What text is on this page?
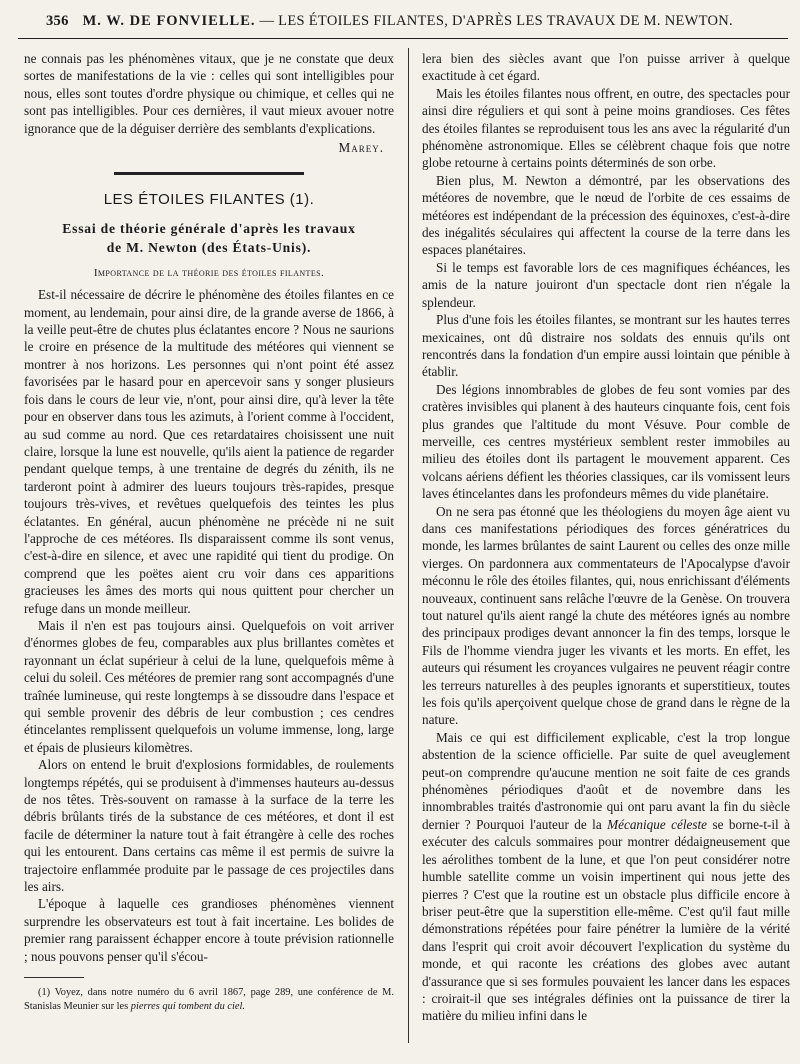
356 M. W. DE FONVIELLE. — LES ÉTOILES FILANTES, D'APRÈS LES TRAVAUX DE M. NEWTON.

ne connais pas les phénomènes vitaux, que je ne constate que deux sortes de manifestations de la vie : celles qui sont intelligibles pour nous, elles sont toutes d'ordre physique ou chimique, et celles qui ne sont pas intelligibles. Pour ces dernières, il vaut mieux avouer notre ignorance que de la déguiser derrière des semblants d'explications.

Marey.
LES ÉTOILES FILANTES (1).
Essai de théorie générale d'après les travaux
de M. Newton (des États-Unis).
Importance de la théorie des étoiles filantes.

Est-il nécessaire de décrire le phénomène des étoiles filantes en ce moment, au lendemain, pour ainsi dire, de la grande averse de 1866, à la veille peut-être de chutes plus éclatantes encore ? Nous ne saurions le croire en présence de la multitude des météores qui viennent se montrer à nos horizons. Les personnes qui n'ont point été assez favorisées par le hasard pour en apercevoir sans y songer plusieurs fois dans le cours de leur vie, n'ont, pour ainsi dire, qu'à lever la tête pour en observer dans tous les azimuts, à l'orient comme à l'occident, au sud comme au nord. Que ces retardataires choisissent une nuit claire, lorsque la lune est nouvelle, qu'ils aient la patience de regarder pendant quelque temps, à une trentaine de degrés du zénith, ils ne tarderont point à admirer des lueurs toujours très-rapides, presque toujours très-vives, et revêtues quelquefois des teintes les plus éclatantes. En général, aucun phénomène ne précède ni ne suit l'approche de ces météores. Ils disparaissent comme ils sont venus, c'est-à-dire en silence, et avec une rapidité qui tient du prodige. On comprend que les poëtes aient cru voir dans ces apparitions gracieuses les âmes des morts qui nous quittent pour chercher un refuge dans un monde meilleur.

Mais il n'en est pas toujours ainsi. Quelquefois on voit arriver d'énormes globes de feu, comparables aux plus brillantes comètes et rayonnant un éclat supérieur à celui de la lune, quelquefois même à celui du soleil. Ces météores de premier rang sont accompagnés d'une traînée lumineuse, qui reste longtemps à se dissoudre dans l'espace et qui semble provenir des débris de leur combustion ; ces cendres étincelantes remplissent quelquefois un volume immense, long, large et épais de plusieurs kilomètres.

Alors on entend le bruit d'explosions formidables, de roulements longtemps répétés, qui se produisent à d'immenses hauteurs au-dessus de nos têtes. Très-souvent on ramasse à la surface de la terre les débris brûlants tirés de la substance de ces météores, et dont il est facile de déterminer la nature tout à fait étrangère à celle des roches qui les entourent. Dans certains cas même il est permis de suivre la trajectoire enflammée produite par le passage de ces projectiles dans les airs.

L'époque à laquelle ces grandioses phénomènes viennent surprendre les observateurs est tout à fait incertaine. Les bolides de premier rang paraissent échapper encore à toute prévision rationnelle ; nous pouvons penser qu'il s'écou-

(1) Voyez, dans notre numéro du 6 avril 1867, page 289, une conférence de M. Stanislas Meunier sur les pierres qui tombent du ciel.

lera bien des siècles avant que l'on puisse arriver à quelque exactitude à cet égard.

Mais les étoiles filantes nous offrent, en outre, des spectacles pour ainsi dire réguliers et qui sont à peine moins grandioses. Ces fêtes des étoiles filantes se reproduisent tous les ans avec la régularité d'un phénomène astronomique. Elles se célèbrent chaque fois que notre globe retourne à certains points déterminés de son orbe.

Bien plus, M. Newton a démontré, par les observations des météores de novembre, que le nœud de l'orbite de ces essaims de météores est indépendant de la précession des équinoxes, c'est-à-dire des inégalités séculaires qui affectent la course de la terre dans les espaces planétaires.

Si le temps est favorable lors de ces magnifiques échéances, les amis de la nature jouiront d'un spectacle dont rien n'égale la splendeur.

Plus d'une fois les étoiles filantes, se montrant sur les hautes terres mexicaines, ont dû distraire nos soldats des ennuis qu'ils ont rencontrés dans la fondation d'un empire aussi lointain que pénible à établir.

Des légions innombrables de globes de feu sont vomies par des cratères invisibles qui planent à des hauteurs cinquante fois, cent fois plus grandes que l'altitude du mont Vésuve. Pour comble de merveille, ces centres mystérieux semblent rester immobiles au milieu des étoiles dont ils partagent le mouvement apparent. Ces volcans aériens défient les théories classiques, car ils vomissent leurs laves étincelantes dans les profondeurs mêmes du vide planétaire.

On ne sera pas étonné que les théologiens du moyen âge aient vu dans ces manifestations périodiques des forces génératrices du monde, les larmes brûlantes de saint Laurent ou celles des onze mille vierges. On pardonnera aux commentateurs de l'Apocalypse d'avoir méconnu le rôle des étoiles filantes, qui, nous enrichissant d'éléments nouveaux, continuent sans relâche l'œuvre de la Genèse. On trouvera tout naturel qu'ils aient rangé la chute des météores ignés au nombre des principaux prodiges devant annoncer la fin des temps, lorsque le Fils de l'homme viendra juger les vivants et les morts. En effet, les auteurs qui résument les croyances vulgaires ne peuvent réagir contre les terreurs naturelles à des peuples ignorants et superstitieux, toutes les fois qu'ils aperçoivent quelque chose de grand dans le règne de la nature.

Mais ce qui est difficilement explicable, c'est la trop longue abstention de la science officielle. Par suite de quel aveuglement peut-on comprendre qu'aucune mention ne soit faite de ces grands phénomènes périodiques d'août et de novembre dans les innombrables traités d'astronomie qui ont paru avant la fin du siècle dernier ? Pourquoi l'auteur de la Mécanique céleste se borne-t-il à exécuter des calculs sommaires pour montrer dédaigneusement que les aérolithes tombent de la lune, et que l'on peut considérer notre humble satellite comme un voisin impertinent qui nous jette des pierres ? C'est que la routine est un obstacle plus difficile encore à briser peut-être que la superstition elle-même. C'est qu'il faut mille démonstrations répétées pour faire pénétrer la lumière de la vérité dans l'esprit qui croit avoir découvert l'explication du système du monde, et qui raconte les créations des globes avec autant d'assurance que si ses formules pouvaient les lancer dans les espaces : croirait-il que ses intégrales définies ont la puissance de tirer la matière du milieu infini dans le
